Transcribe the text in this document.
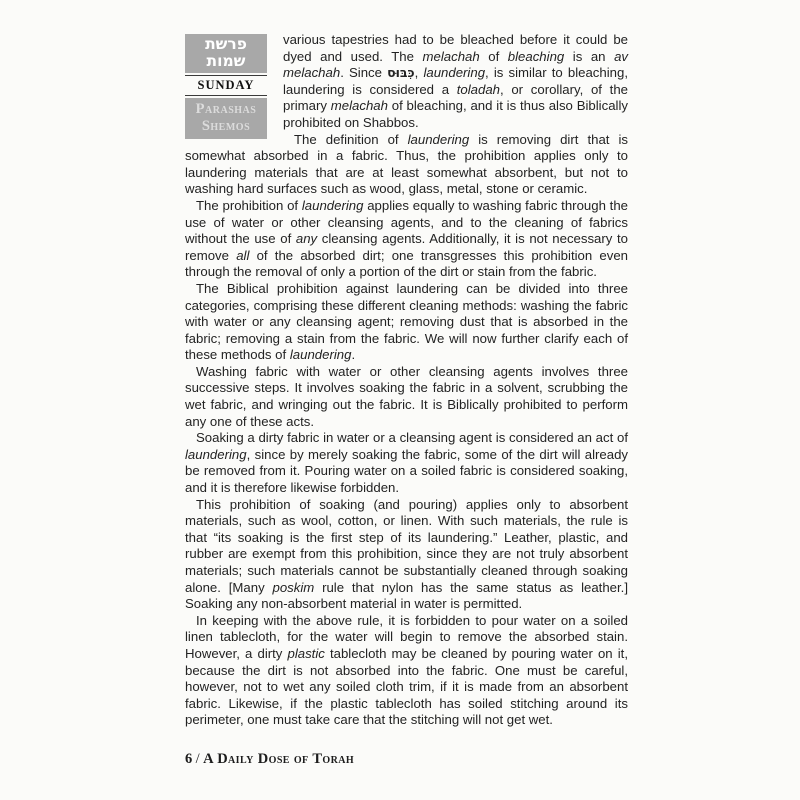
פרשת
שמות
SUNDAY
Parashas
Shemos

various tapestries had to be bleached before it could be dyed and used. The melachah of bleaching is an av melachah. Since כִּבּוּס, laundering, is similar to bleaching, laundering is considered a toladah, or corollary, of the primary melachah of bleaching, and it is thus also Biblically prohibited on Shabbos.

The definition of laundering is removing dirt that is somewhat absorbed in a fabric. Thus, the prohibition applies only to laundering materials that are at least somewhat absorbent, but not to washing hard surfaces such as wood, glass, metal, stone or ceramic.

The prohibition of laundering applies equally to washing fabric through the use of water or other cleansing agents, and to the cleaning of fabrics without the use of any cleansing agents. Additionally, it is not necessary to remove all of the absorbed dirt; one transgresses this prohibition even through the removal of only a portion of the dirt or stain from the fabric.

The Biblical prohibition against laundering can be divided into three categories, comprising these different cleaning methods: washing the fabric with water or any cleansing agent; removing dust that is absorbed in the fabric; removing a stain from the fabric. We will now further clarify each of these methods of laundering.

Washing fabric with water or other cleansing agents involves three successive steps. It involves soaking the fabric in a solvent, scrubbing the wet fabric, and wringing out the fabric. It is Biblically prohibited to perform any one of these acts.

Soaking a dirty fabric in water or a cleansing agent is considered an act of laundering, since by merely soaking the fabric, some of the dirt will already be removed from it. Pouring water on a soiled fabric is considered soaking, and it is therefore likewise forbidden.

This prohibition of soaking (and pouring) applies only to absorbent materials, such as wool, cotton, or linen. With such materials, the rule is that “its soaking is the first step of its laundering.” Leather, plastic, and rubber are exempt from this prohibition, since they are not truly absorbent materials; such materials cannot be substantially cleaned through soaking alone. [Many poskim rule that nylon has the same status as leather.] Soaking any non-absorbent material in water is permitted.

In keeping with the above rule, it is forbidden to pour water on a soiled linen tablecloth, for the water will begin to remove the absorbed stain. However, a dirty plastic tablecloth may be cleaned by pouring water on it, because the dirt is not absorbed into the fabric. One must be careful, however, not to wet any soiled cloth trim, if it is made from an absorbent fabric. Likewise, if the plastic tablecloth has soiled stitching around its perimeter, one must take care that the stitching will not get wet.

6 / A Daily Dose of Torah
